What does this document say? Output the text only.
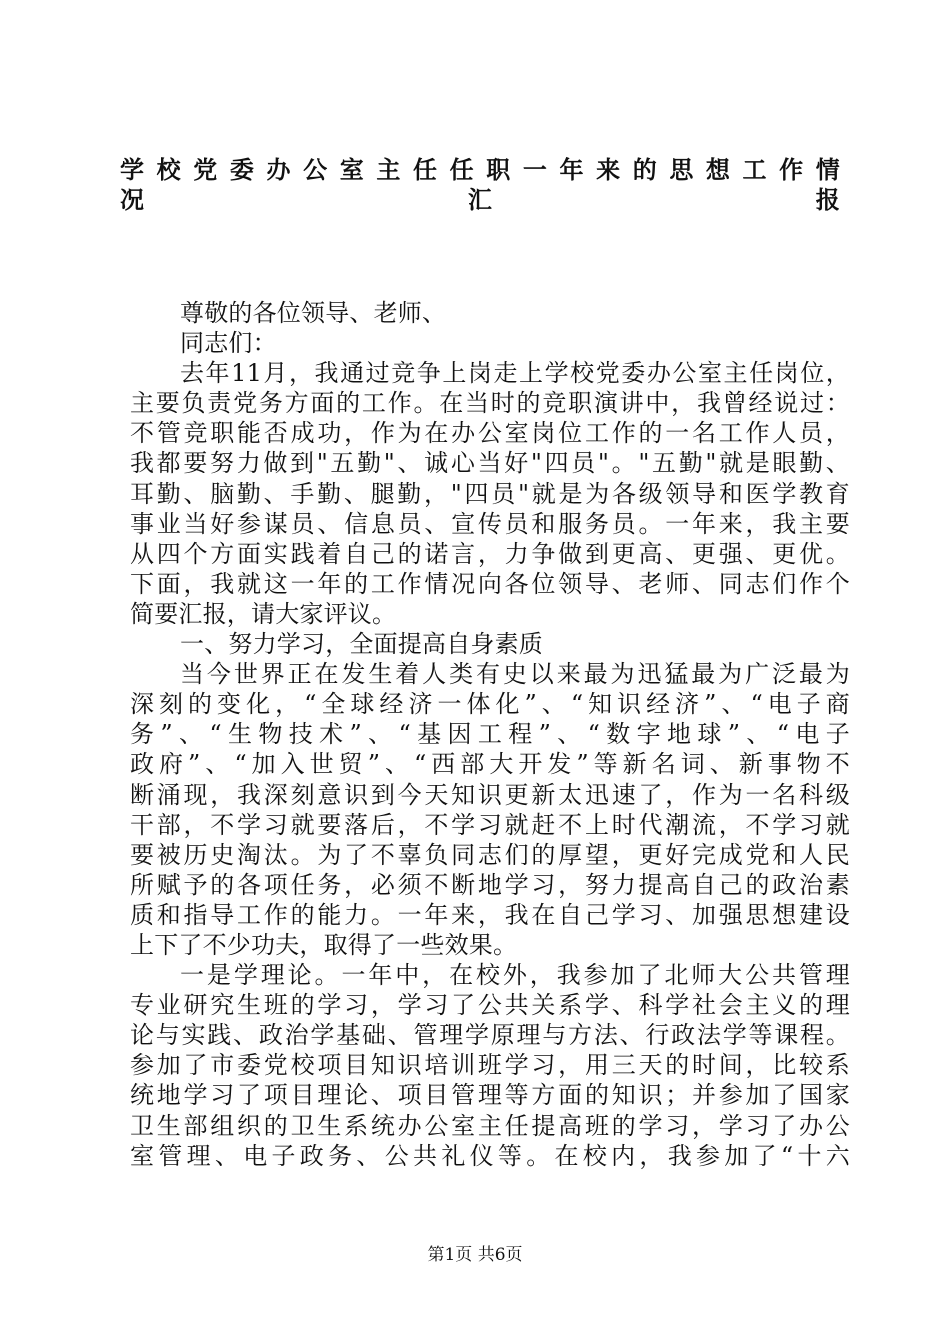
学校党委办公室主任任职一年来的思想工作情
况汇报
尊敬的各位领导、老师、
同志们：
去年11月，我通过竞争上岗走上学校党委办公室主任岗位，
主要负责党务方面的工作。在当时的竞职演讲中，我曾经说过：
不管竞职能否成功，作为在办公室岗位工作的一名工作人员，
我都要努力做到"五勤"、诚心当好"四员"。"五勤"就是眼勤、
耳勤、脑勤、手勤、腿勤，"四员"就是为各级领导和医学教育
事业当好参谋员、信息员、宣传员和服务员。一年来，我主要
从四个方面实践着自己的诺言，力争做到更高、更强、更优。
下面，我就这一年的工作情况向各位领导、老师、同志们作个
简要汇报，请大家评议。
一、努力学习，全面提高自身素质
当今世界正在发生着人类有史以来最为迅猛最为广泛最为
深刻的变化，“全球经济一体化”、“知识经济”、“电子商
务”、“生物技术”、“基因工程”、“数字地球”、“电子
政府”、“加入世贸”、“西部大开发”等新名词、新事物不
断涌现，我深刻意识到今天知识更新太迅速了，作为一名科级
干部，不学习就要落后，不学习就赶不上时代潮流，不学习就
要被历史淘汰。为了不辜负同志们的厚望，更好完成党和人民
所赋予的各项任务，必须不断地学习，努力提高自己的政治素
质和指导工作的能力。一年来，我在自己学习、加强思想建设
上下了不少功夫，取得了一些效果。
一是学理论。一年中，在校外，我参加了北师大公共管理
专业研究生班的学习，学习了公共关系学、科学社会主义的理
论与实践、政治学基础、管理学原理与方法、行政法学等课程。
参加了市委党校项目知识培训班学习，用三天的时间，比较系
统地学习了项目理论、项目管理等方面的知识；并参加了国家
卫生部组织的卫生系统办公室主任提高班的学习，学习了办公
室管理、电子政务、公共礼仪等。在校内，我参加了“十六
第1页 共6页
